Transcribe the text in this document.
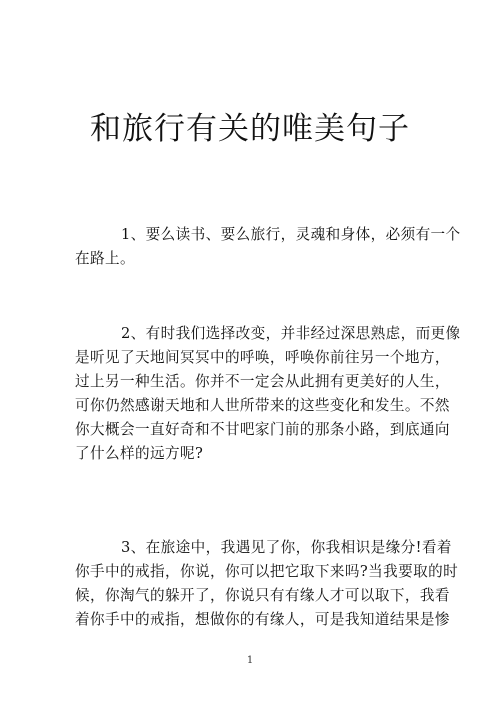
和旅行有关的唯美句子

1、要么读书、要么旅行，灵魂和身体，必须有一个
在路上。

2、有时我们选择改变，并非经过深思熟虑，而更像
是听见了天地间冥冥中的呼唤，呼唤你前往另一个地方，
过上另一种生活。你并不一定会从此拥有更美好的人生，
可你仍然感谢天地和人世所带来的这些变化和发生。不然
你大概会一直好奇和不甘吧家门前的那条小路，到底通向
了什么样的远方呢?

3、在旅途中，我遇见了你，你我相识是缘分!看着
你手中的戒指，你说，你可以把它取下来吗?当我要取的时
候，你淘气的躲开了，你说只有有缘人才可以取下，我看
着你手中的戒指，想做你的有缘人，可是我知道结果是惨

1
